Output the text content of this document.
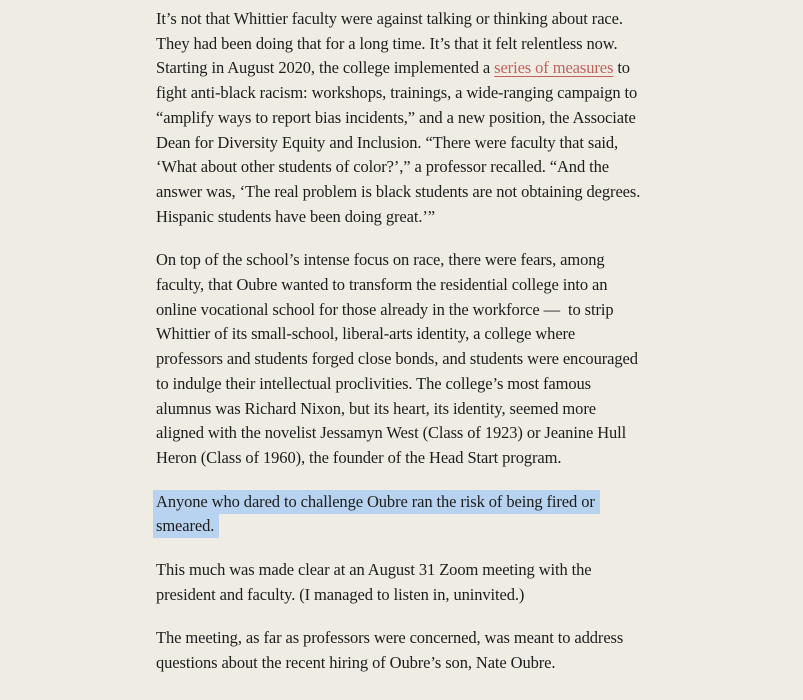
It’s not that Whittier faculty were against talking or thinking about race.
They had been doing that for a long time. It’s that it felt relentless now.
Starting in August 2020, the college implemented a series of measures to
fight anti-black racism: workshops, trainings, a wide-ranging campaign to
“amplify ways to report bias incidents,” and a new position, the Associate
Dean for Diversity Equity and Inclusion. “There were faculty that said,
‘What about other students of color?’,” a professor recalled. “And the
answer was, ‘The real problem is black students are not obtaining degrees.
Hispanic students have been doing great.’”

On top of the school’s intense focus on race, there were fears, among
faculty, that Oubre wanted to transform the residential college into an
online vocational school for those already in the workforce —  to strip
Whittier of its small-school, liberal-arts identity, a college where
professors and students forged close bonds, and students were encouraged
to indulge their intellectual proclivities. The college’s most famous
alumnus was Richard Nixon, but its heart, its identity, seemed more
aligned with the novelist Jessamyn West (Class of 1923) or Jeanine Hull
Heron (Class of 1960), the founder of the Head Start program.

Anyone who dared to challenge Oubre ran the risk of being fired or
smeared.

This much was made clear at an August 31 Zoom meeting with the
president and faculty. (I managed to listen in, uninvited.)

The meeting, as far as professors were concerned, was meant to address
questions about the recent hiring of Oubre’s son, Nate Oubre.
